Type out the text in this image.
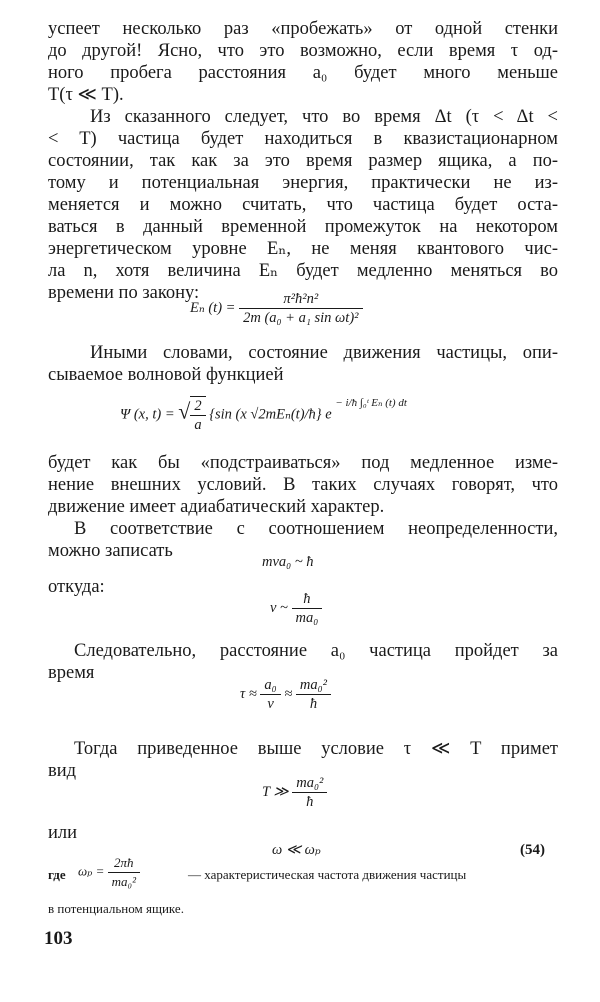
успеет несколько раз «пробежать» от одной стенки
до другой! Ясно, что это возможно, если время τ од-
ного пробега расстояния a₀ будет много меньше
T(τ ≪ T).
Из сказанного следует, что во время Δt (τ < Δt <
< T) частица будет находиться в квазистационарном
состоянии, так как за это время размер ящика, а по-
тому и потенциальная энергия, практически не из-
меняется и можно считать, что частица будет оста-
ваться в данный временной промежуток на некотором
энергетическом уровне Eₙ, не меняя квантового чис-
ла n, хотя величина Eₙ будет медленно меняться во
времени по закону:
Eₙ $(t) = \frac{\text{π²ħ²n²}}{\text{2m (a₀ + a₁ sin ωt)²}}$
Иными словами, состояние движения частицы, опи-
сываемое волновой функцией
Ψ (x, t) = √ $\frac{2}{a} \{\sin$ (x √2mEₙ(t)/ħ} e $^{- i/ħ \int_0ᵗ E_n (t) dt}$
будет как бы «подстраиваться» под медленное изме-
нение внешних условий. В таких случаях говорят, что
движение имеет адиабатический характер.
В соответствие с соотношением неопределенности,
можно записать
mva₀ ~ ħ
откуда:
v ~ $\frac{ħ}{\text{ma₀}}$
Следовательно, расстояние a₀ частица пройдет за
время
$\tau \approx \frac{\text{a₀}}{v} \approx \frac{\text{ma₀²}}{ħ}$
Тогда приведенное выше условие τ ≪ T примет
вид
T ≫ $\frac{\text{ma₀²}}{ħ}$
или
ω ≪ ωₚ	(54)
где $\omega_p = \frac{2\pi ħ}{\text{ma₀²}}$	— характеристическая частота движения частицы
в потенциальном ящике.
103
